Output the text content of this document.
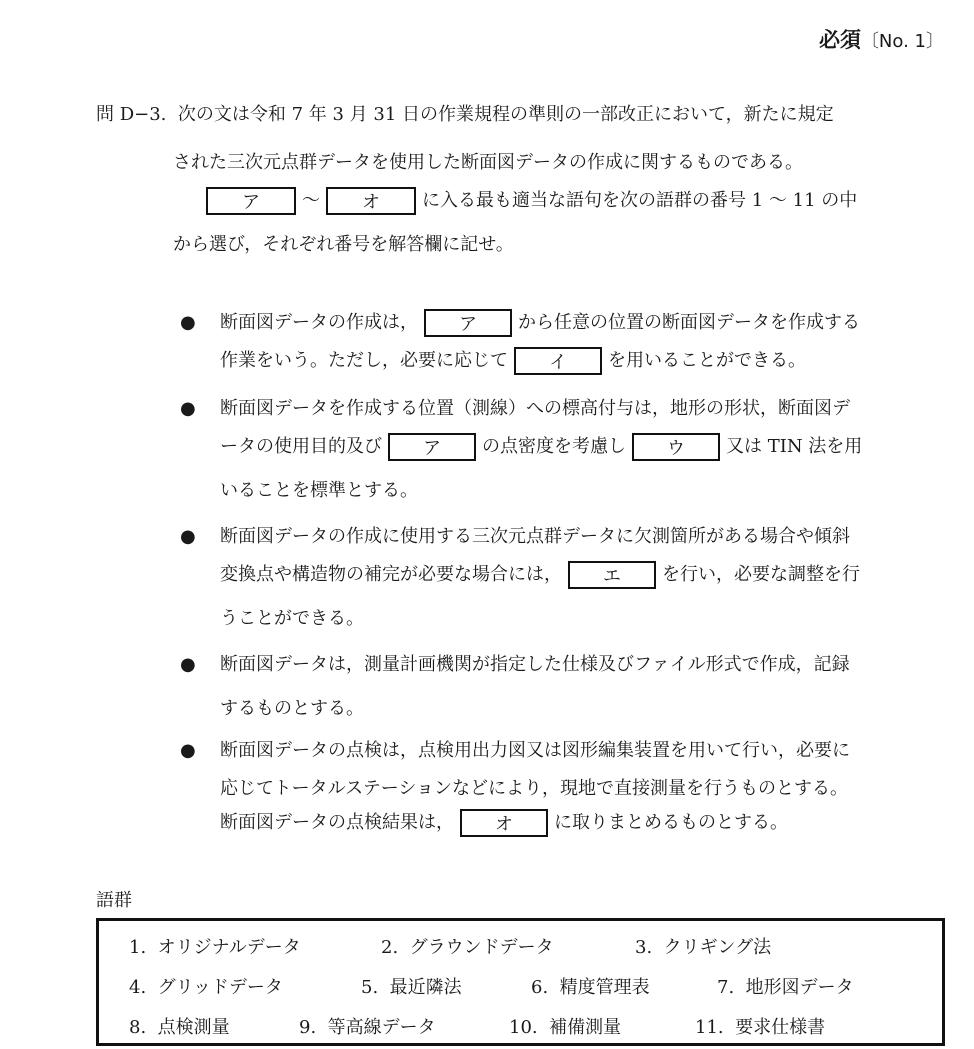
必須〔No. 1〕
問 D−3. 次の文は令和 7 年 3 月 31 日の作業規程の準則の一部改正において，新たに規定
された三次元点群データを使用した断面図データの作成に関するものである。
ア 〜 オ に入る最も適当な語句を次の語群の番号 1 〜 11 の中
から選び，それぞれ番号を解答欄に記せ。
● 断面図データの作成は， ア から任意の位置の断面図データを作成する
作業をいう。ただし，必要に応じて イ を用いることができる。
● 断面図データを作成する位置（測線）への標高付与は，地形の形状，断面図デ
ータの使用目的及び ア の点密度を考慮し ウ 又は TIN 法を用
いることを標準とする。
● 断面図データの作成に使用する三次元点群データに欠測箇所がある場合や傾斜
変換点や構造物の補完が必要な場合には， エ を行い，必要な調整を行
うことができる。
● 断面図データは，測量計画機関が指定した仕様及びファイル形式で作成，記録
するものとする。
● 断面図データの点検は，点検用出力図又は図形編集装置を用いて行い，必要に
応じてトータルステーションなどにより，現地で直接測量を行うものとする。
断面図データの点検結果は， オ に取りまとめるものとする。
語群
1. オリジナルデータ	2. グラウンドデータ	3. クリギング法
4. グリッドデータ	5. 最近隣法	6. 精度管理表	7. 地形図データ
8. 点検測量	9. 等高線データ	10. 補備測量	11. 要求仕様書
